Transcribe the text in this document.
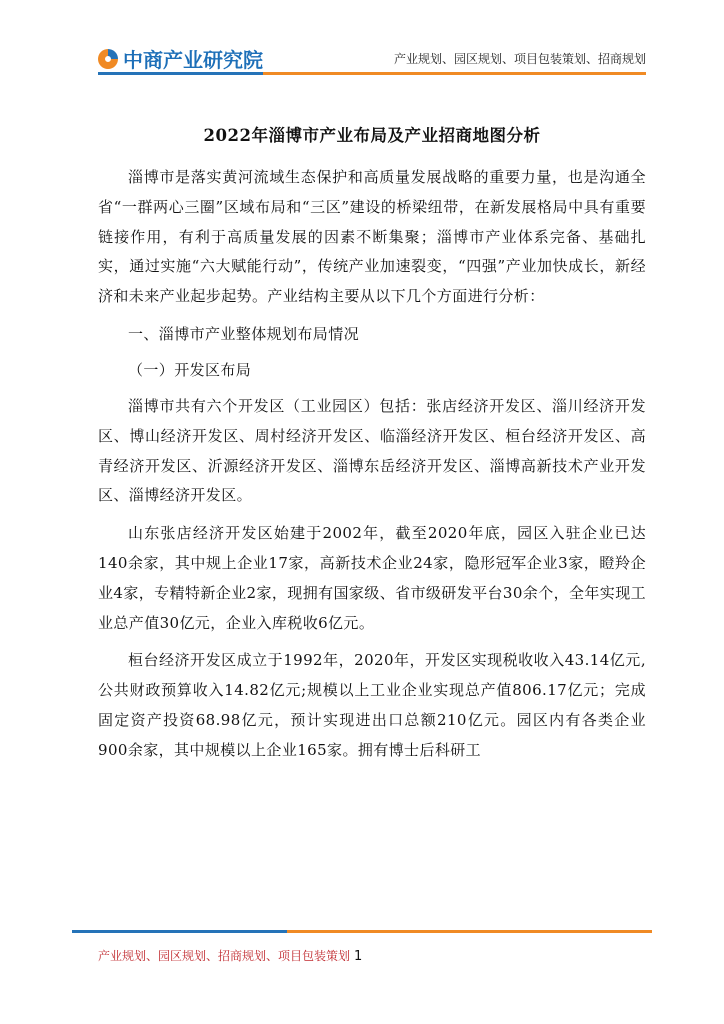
中商产业研究院	产业规划、园区规划、项目包装策划、招商规划
2022年淄博市产业布局及产业招商地图分析

淄博市是落实黄河流域生态保护和高质量发展战略的重要力量，也是沟通全省“一群两心三圈”区域布局和“三区”建设的桥梁纽带，在新发展格局中具有重要链接作用，有利于高质量发展的因素不断集聚；淄博市产业体系完备、基础扎实，通过实施“六大赋能行动”，传统产业加速裂变，“四强”产业加快成长，新经济和未来产业起步起势。产业结构主要从以下几个方面进行分析：

一、淄博市产业整体规划布局情况

（一）开发区布局

淄博市共有六个开发区（工业园区）包括：张店经济开发区、淄川经济开发区、博山经济开发区、周村经济开发区、临淄经济开发区、桓台经济开发区、高青经济开发区、沂源经济开发区、淄博东岳经济开发区、淄博高新技术产业开发区、淄博经济开发区。

山东张店经济开发区始建于2002年，截至2020年底，园区入驻企业已达140余家，其中规上企业17家，高新技术企业24家，隐形冠军企业3家，瞪羚企业4家，专精特新企业2家，现拥有国家级、省市级研发平台30余个，全年实现工业总产值30亿元，企业入库税收6亿元。

桓台经济开发区成立于1992年，2020年，开发区实现税收收入43.14亿元,公共财政预算收入14.82亿元;规模以上工业企业实现总产值806.17亿元；完成固定资产投资68.98亿元，预计实现进出口总额210亿元。园区内有各类企业900余家，其中规模以上企业165家。拥有博士后科研工

产业规划、园区规划、招商规划、项目包装策划 1
